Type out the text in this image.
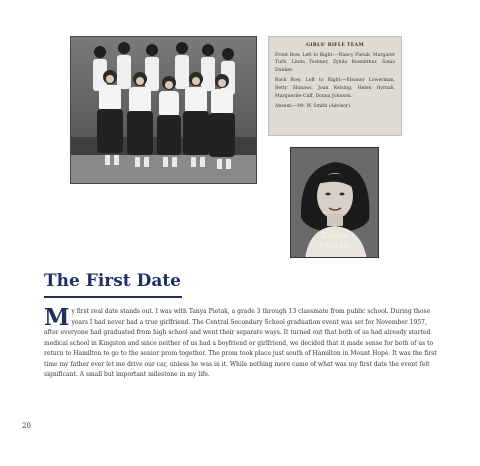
GIRLS' RIFLE TEAM

Front Row, Left to Right:—Nancy Pietak, Margaret Turk, Linda Toshner, Zynda Rossinthur, Sonia Dunker.

Back Row, Left to Right:—Eleanor Lowerman, Betty Slunawi, Joan Kelsing, Helen Byrnak, Marguerite Cuff, Donna Johnson.

Absent:—Mr. W. Smith (Advisor).

Tanya
Pietak
The First Date
My first real date stands out. I was with Tanya Pietak, a grade 3 through 13 classmate from public school. During those years I had never had a true girlfriend. The Central Secondary School graduation event was set for November 1957, after everyone had graduated from high school and went their separate ways. It turned out that both of us had already started medical school in Kingston and since neither of us had a boyfriend or girlfriend, we decided that it made sense for both of us to return to Hamilton to go to the senior prom together. The prom took place just south of Hamilton in Mount Hope. It was the first time my father ever let me drive our car, unless he was in it. While nothing more came of what was my first date the event felt significant. A small but important milestone in my life.
20
